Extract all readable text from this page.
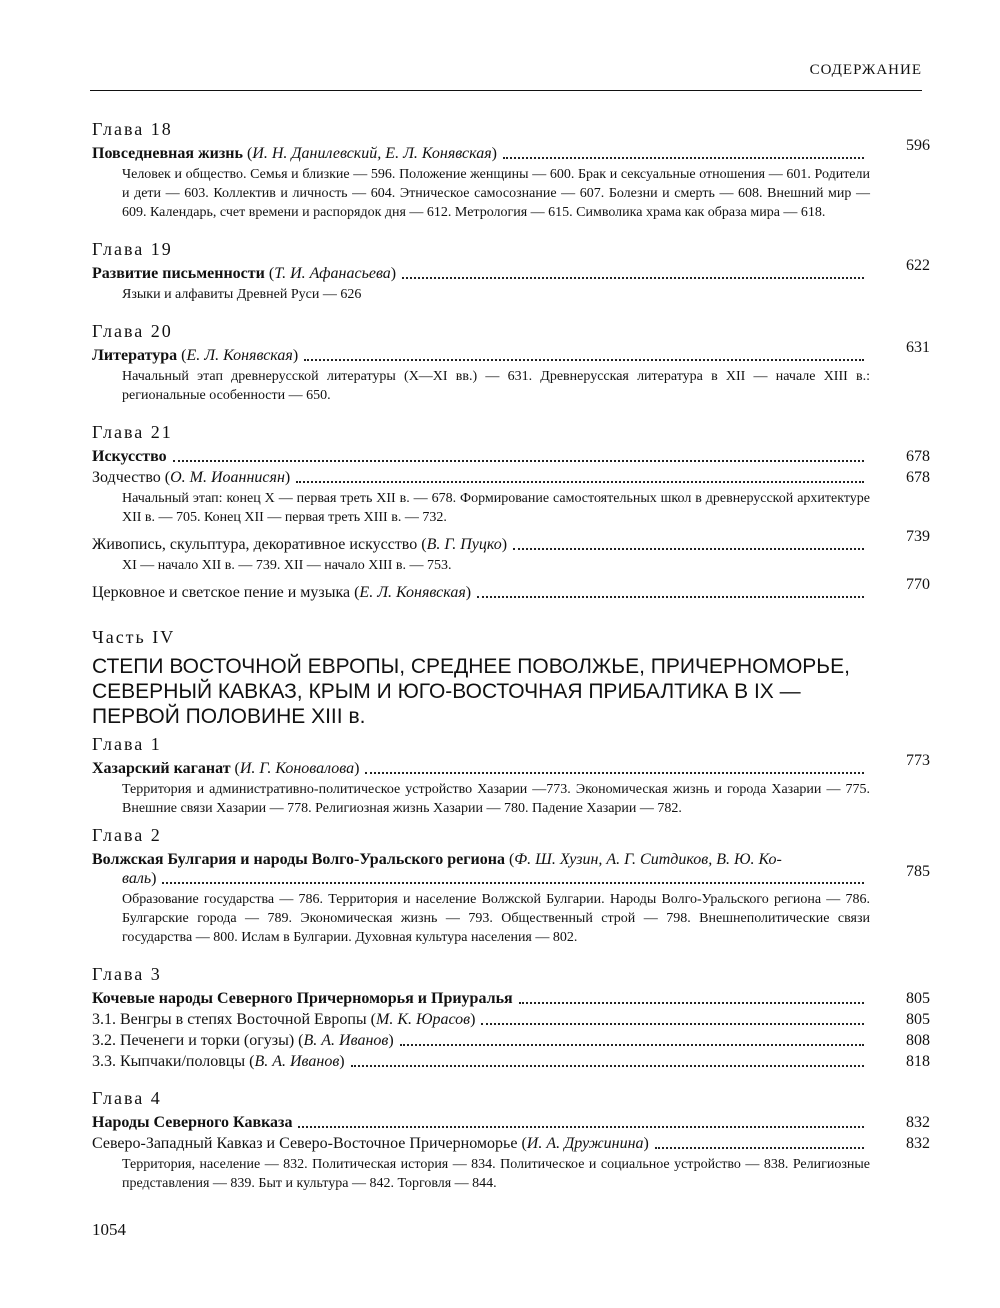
СОДЕРЖАНИЕ
Глава 18
Повседневная жизнь (И. Н. Данилевский, Е. Л. Конявская)	596
Человек и общество. Семья и близкие — 596. Положение женщины — 600. Брак и сексуальные отношения — 601. Родители и дети — 603. Коллектив и личность — 604. Этническое самосознание — 607. Болезни и смерть — 608. Внешний мир — 609. Календарь, счет времени и распорядок дня — 612. Метрология — 615. Символика храма как образа мира — 618.
Глава 19
Развитие письменности (Т. И. Афанасьева)	622
Языки и алфавиты Древней Руси — 626
Глава 20
Литература (Е. Л. Конявская)	631
Начальный этап древнерусской литературы (X—XI вв.) — 631. Древнерусская литература в XII — начале XIII в.: региональные особенности — 650.
Глава 21
Искусство	678
Зодчество (О. М. Иоаннисян)	678
Начальный этап: конец X — первая треть XII в. — 678. Формирование самостоятельных школ в древнерусской архитектуре XII в. — 705. Конец XII — первая треть XIII в. — 732.
Живопись, скульптура, декоративное искусство (В. Г. Пуцко)	739
XI — начало XII в. — 739. XII — начало XIII в. — 753.
Церковное и светское пение и музыка (Е. Л. Конявская)	770
Часть IV
СТЕПИ ВОСТОЧНОЙ ЕВРОПЫ, СРЕДНЕЕ ПОВОЛЖЬЕ, ПРИЧЕРНОМОРЬЕ, СЕВЕРНЫЙ КАВКАЗ, КРЫМ И ЮГО-ВОСТОЧНАЯ ПРИБАЛТИКА В IX — ПЕРВОЙ ПОЛОВИНЕ XIII в.
Глава 1
Хазарский каганат (И. Г. Коновалова)	773
Территория и административно-политическое устройство Хазарии —773. Экономическая жизнь и города Хазарии — 775. Внешние связи Хазарии — 778. Религиозная жизнь Хазарии — 780. Падение Хазарии — 782.
Глава 2
Волжская Булгария и народы Волго-Уральского региона (Ф. Ш. Хузин, А. Г. Ситдиков, В. Ю. Ко-
валь)	785
Образование государства — 786. Территория и население Волжской Булгарии. Народы Волго-Уральского региона — 786. Булгарские города — 789. Экономическая жизнь — 793. Общественный строй — 798. Внешнеполитические связи государства — 800. Ислам в Булгарии. Духовная культура населения — 802.
Глава 3
Кочевые народы Северного Причерноморья и Приуралья	805
3.1. Венгры в степях Восточной Европы (М. К. Юрасов)	805
3.2. Печенеги и торки (огузы) (В. А. Иванов)	808
3.3. Кыпчаки/половцы (В. А. Иванов)	818
Глава 4
Народы Северного Кавказа	832
Северо-Западный Кавказ и Северо-Восточное Причерноморье (И. А. Дружинина)	832
Территория, население — 832. Политическая история — 834. Политическое и социальное устройство — 838. Религиозные представления — 839. Быт и культура — 842. Торговля — 844.
1054
